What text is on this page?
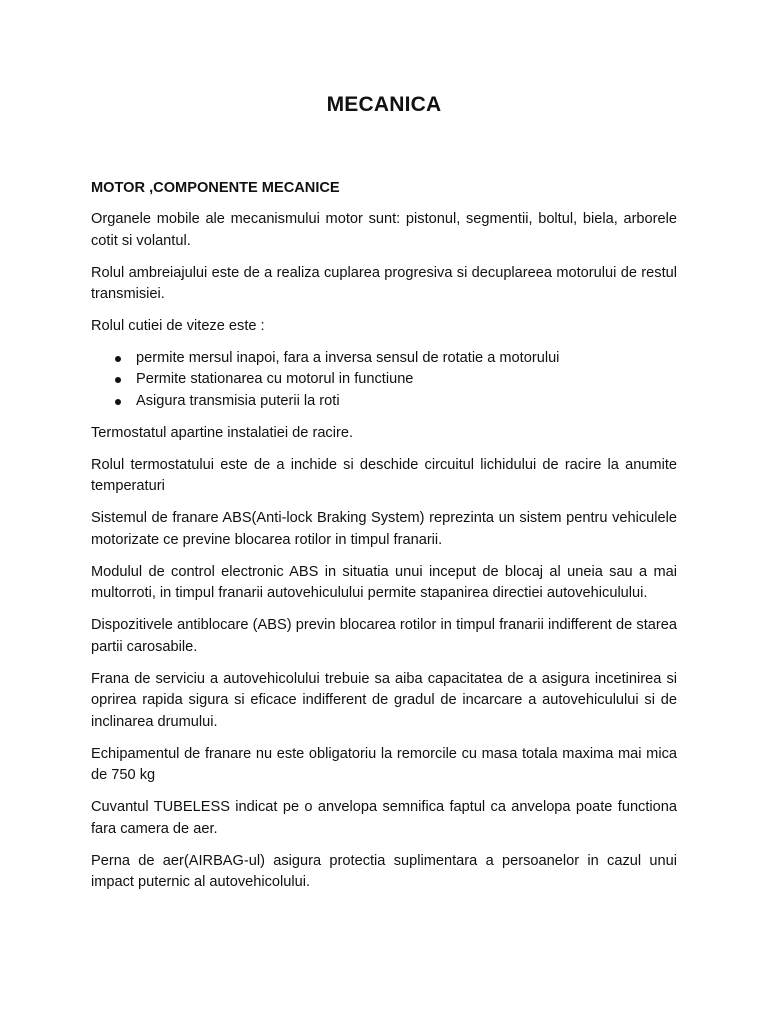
MECANICA
MOTOR ,COMPONENTE MECANICE

Organele mobile ale mecanismului motor sunt: pistonul, segmentii, boltul, biela, arborele cotit si volantul.

Rolul ambreiajului este de a realiza cuplarea progresiva si decuplareea motorului de restul transmisiei.

Rolul cutiei de viteze este :

permite mersul inapoi, fara a inversa sensul de rotatie a motorului
Permite stationarea cu motorul in functiune
Asigura transmisia puterii la roti

Termostatul apartine instalatiei de racire.

Rolul termostatului este de a inchide si deschide circuitul lichidului de racire la anumite temperaturi

Sistemul de franare ABS(Anti-lock Braking System) reprezinta un sistem pentru vehiculele motorizate ce previne blocarea rotilor in timpul franarii.

Modulul de control electronic ABS in situatia unui inceput de blocaj al uneia sau a mai multorroti, in timpul franarii autovehiculului permite stapanirea directiei autovehiculului.

Dispozitivele antiblocare (ABS) previn blocarea rotilor in timpul franarii indifferent de starea partii carosabile.

Frana de serviciu a autovehicolului trebuie sa aiba capacitatea de a asigura incetinirea si oprirea rapida sigura si eficace indifferent de gradul de incarcare a autovehiculului si de inclinarea drumului.

Echipamentul de franare nu este obligatoriu la remorcile cu masa totala maxima mai mica de 750 kg

Cuvantul TUBELESS indicat pe o anvelopa semnifica faptul ca anvelopa poate functiona fara camera de aer.

Perna de aer(AIRBAG-ul) asigura protectia suplimentara a persoanelor in cazul unui impact puternic al autovehicolului.
